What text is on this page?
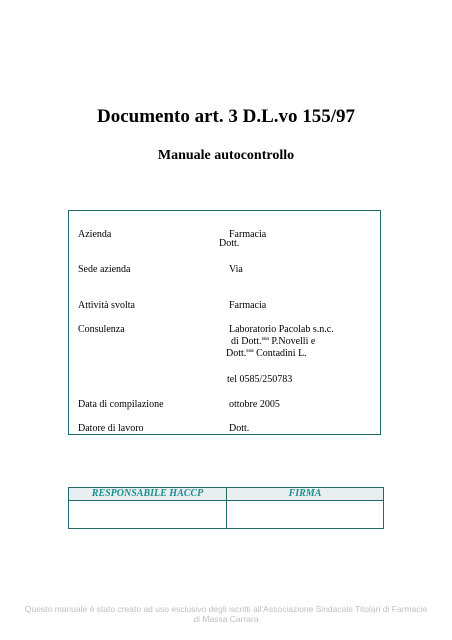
Documento art. 3 D.L.vo 155/97
Manuale autocontrollo
Azienda	Farmacia
Dott.
Sede azienda	Via
Attività svolta	Farmacia
Consulenza	Laboratorio Pacolab s.n.c.
di Dott.$^{ssa}$ P.Novelli e
Dott.$^{ssa}$ Contadini L.
tel 0585/250783
Data di compilazione	ottobre 2005
Datore di lavoro	Dott.
RESPONSABILE HACCP	FIRMA
Questo manuale è stato creato ad uso esclusivo degli iscritti all'Associazione Sindacale Titolari di Farmacie
di Massa Carrara
